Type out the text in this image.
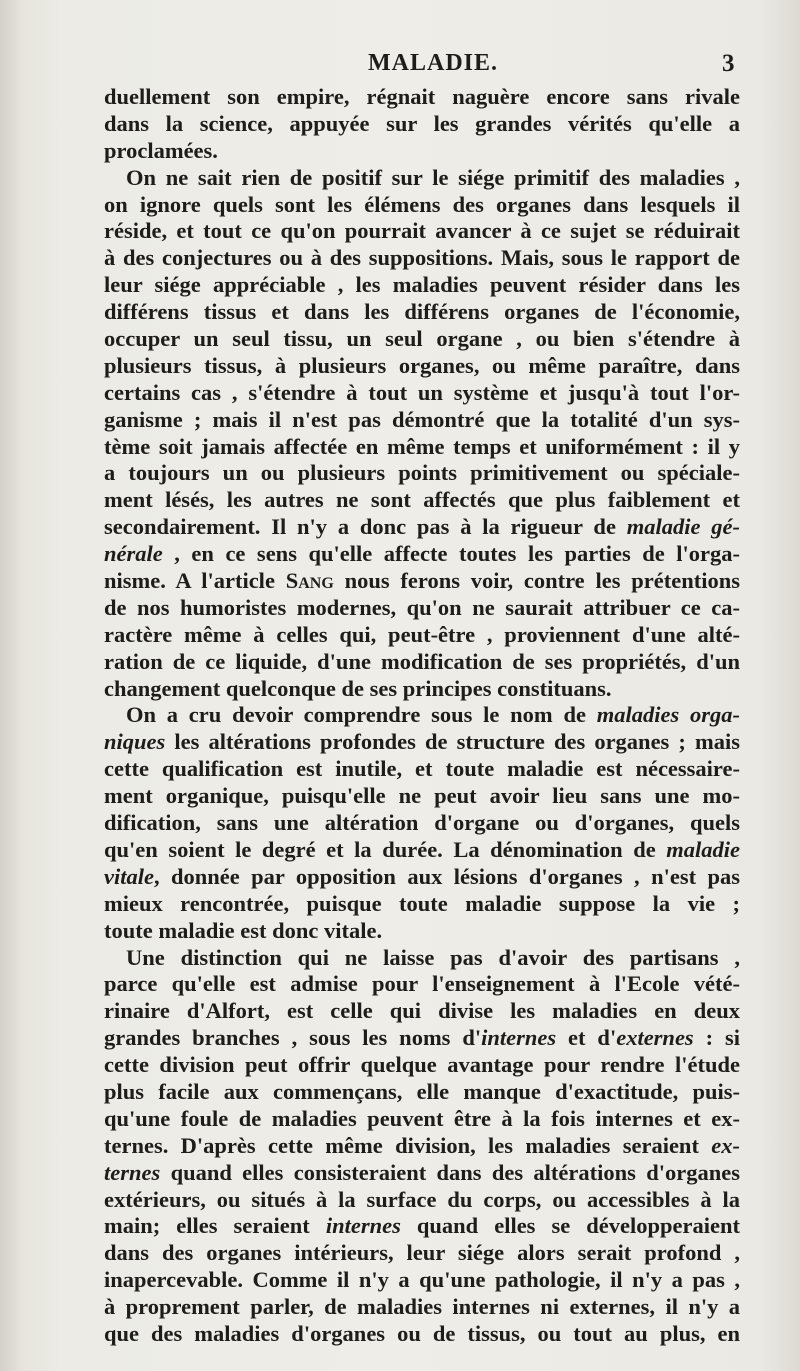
MALADIE.	3
duellement son empire, régnait naguère encore sans rivale
dans la science, appuyée sur les grandes vérités qu'elle a
proclamées.
On ne sait rien de positif sur le siége primitif des maladies ,
on ignore quels sont les élémens des organes dans lesquels il
réside, et tout ce qu'on pourrait avancer à ce sujet se réduirait
à des conjectures ou à des suppositions. Mais, sous le rapport de
leur siége appréciable , les maladies peuvent résider dans les
différens tissus et dans les différens organes de l'économie,
occuper un seul tissu, un seul organe , ou bien s'étendre à
plusieurs tissus, à plusieurs organes, ou même paraître, dans
certains cas , s'étendre à tout un système et jusqu'à tout l'or-
ganisme ; mais il n'est pas démontré que la totalité d'un sys-
tème soit jamais affectée en même temps et uniformément : il y
a toujours un ou plusieurs points primitivement ou spéciale-
ment lésés, les autres ne sont affectés que plus faiblement et
secondairement. Il n'y a donc pas à la rigueur de maladie gé-
nérale , en ce sens qu'elle affecte toutes les parties de l'orga-
nisme. A l'article Sang nous ferons voir, contre les prétentions
de nos humoristes modernes, qu'on ne saurait attribuer ce ca-
ractère même à celles qui, peut-être , proviennent d'une alté-
ration de ce liquide, d'une modification de ses propriétés, d'un
changement quelconque de ses principes constituans.
On a cru devoir comprendre sous le nom de maladies orga-
niques les altérations profondes de structure des organes ; mais
cette qualification est inutile, et toute maladie est nécessaire-
ment organique, puisqu'elle ne peut avoir lieu sans une mo-
dification, sans une altération d'organe ou d'organes, quels
qu'en soient le degré et la durée. La dénomination de maladie
vitale, donnée par opposition aux lésions d'organes , n'est pas
mieux rencontrée, puisque toute maladie suppose la vie ;
toute maladie est donc vitale.
Une distinction qui ne laisse pas d'avoir des partisans ,
parce qu'elle est admise pour l'enseignement à l'Ecole vété-
rinaire d'Alfort, est celle qui divise les maladies en deux
grandes branches , sous les noms d'internes et d'externes : si
cette division peut offrir quelque avantage pour rendre l'étude
plus facile aux commençans, elle manque d'exactitude, puis-
qu'une foule de maladies peuvent être à la fois internes et ex-
ternes. D'après cette même division, les maladies seraient ex-
ternes quand elles consisteraient dans des altérations d'organes
extérieurs, ou situés à la surface du corps, ou accessibles à la
main; elles seraient internes quand elles se développeraient
dans des organes intérieurs, leur siége alors serait profond ,
inapercevable. Comme il n'y a qu'une pathologie, il n'y a pas ,
à proprement parler, de maladies internes ni externes, il n'y a
que des maladies d'organes ou de tissus, ou tout au plus, en
